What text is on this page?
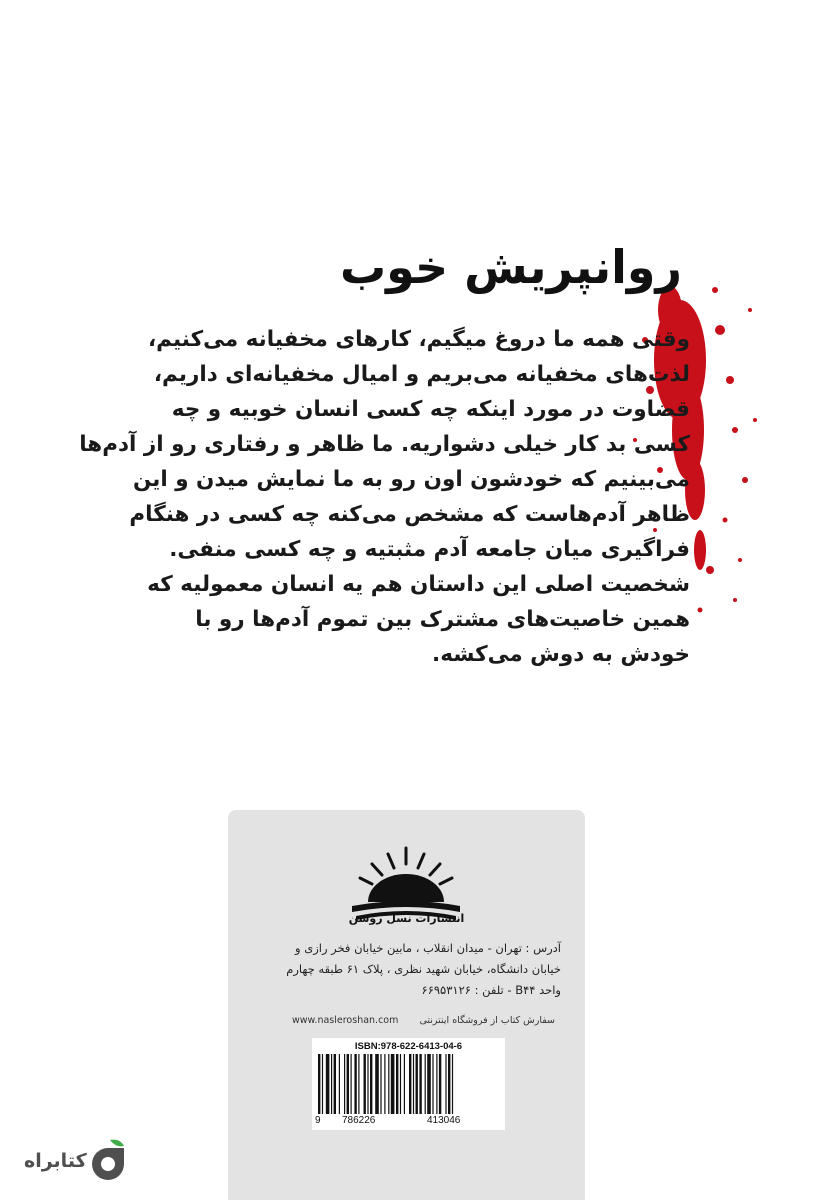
روانپریش خوب
وقتی همه ما دروغ میگیم، کارهای مخفیانه می‌کنیم،
لذت‌های مخفیانه می‌بریم و امیال مخفیانه‌ای داریم،
قضاوت در مورد اینکه چه کسی انسان خوبیه و چه
کسی بد کار خیلی دشواریه. ما ظاهر و رفتاری رو از آدم‌ها
می‌بینیم که خودشون اون رو به ما نمایش میدن و این
ظاهر آدم‌هاست که مشخص می‌کنه چه کسی در هنگام
فراگیری میان جامعه آدم مثبتیه و چه کسی منفی.
شخصیت اصلی این داستان هم یه انسان معمولیه که
همین خاصیت‌های مشترک بین تموم آدم‌ها رو با
خودش به دوش می‌کشه.
انتشارات نسل روشن
آدرس : تهران - میدان انقلاب ، مابین خیابان فخر رازی و
خیابان دانشگاه، خیابان شهید نظری ، پلاک ۶۱ طبقه چهارم
واحد B۴۴ - تلفن : ۶۶۹۵۳۱۲۶
www.nasleroshan.com سفارش کتاب از فروشگاه اینترنتی
ISBN:978-622-6413-04-6
9 786226	413046
کتابراه
